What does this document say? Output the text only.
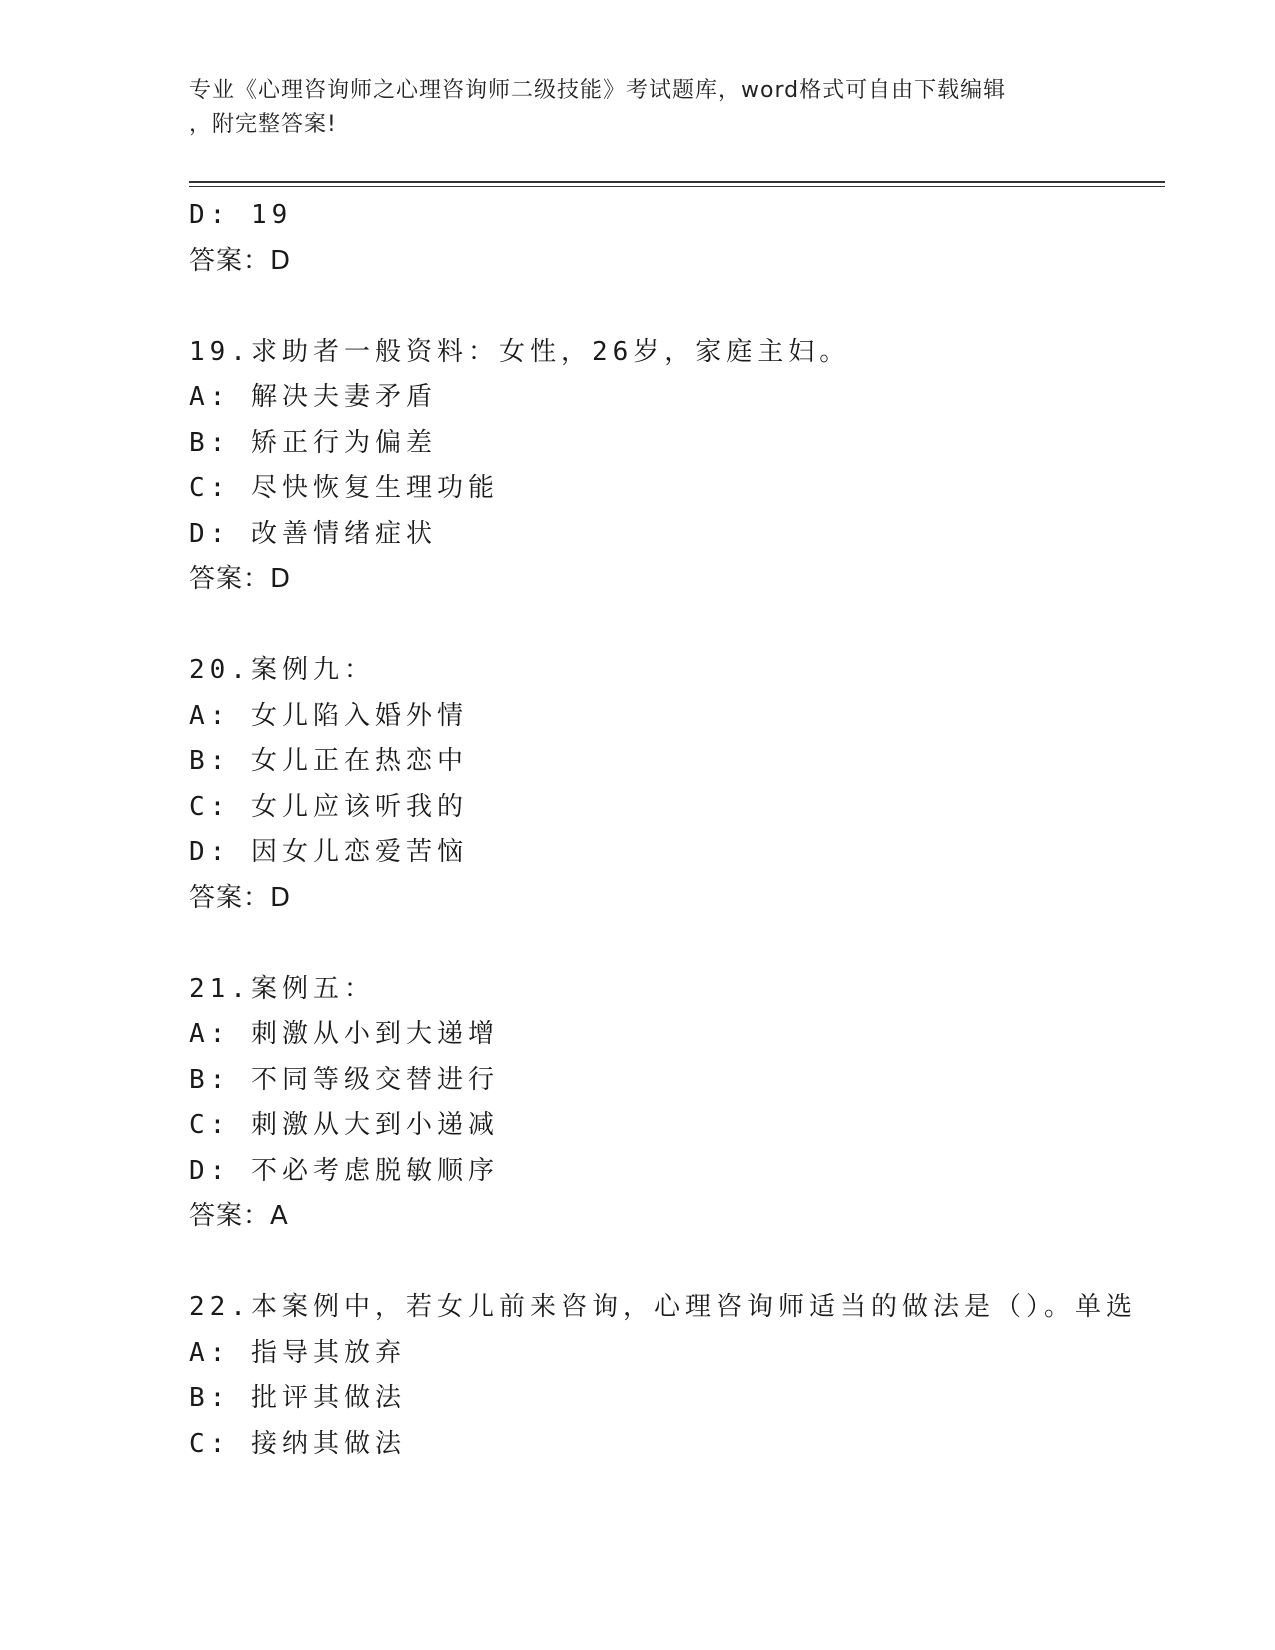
专业《心理咨询师之心理咨询师二级技能》考试题库，word格式可自由下载编辑
，附完整答案!
D: 19
答案：D
19.求助者一般资料：女性，26岁，家庭主妇。
A: 解决夫妻矛盾
B: 矫正行为偏差
C: 尽快恢复生理功能
D: 改善情绪症状
答案：D
20.案例九：
A: 女儿陷入婚外情
B: 女儿正在热恋中
C: 女儿应该听我的
D: 因女儿恋爱苦恼
答案：D
21.案例五：
A: 刺激从小到大递增
B: 不同等级交替进行
C: 刺激从大到小递减
D: 不必考虑脱敏顺序
答案：A
22.本案例中，若女儿前来咨询，心理咨询师适当的做法是（）。单选
A: 指导其放弃
B: 批评其做法
C: 接纳其做法
